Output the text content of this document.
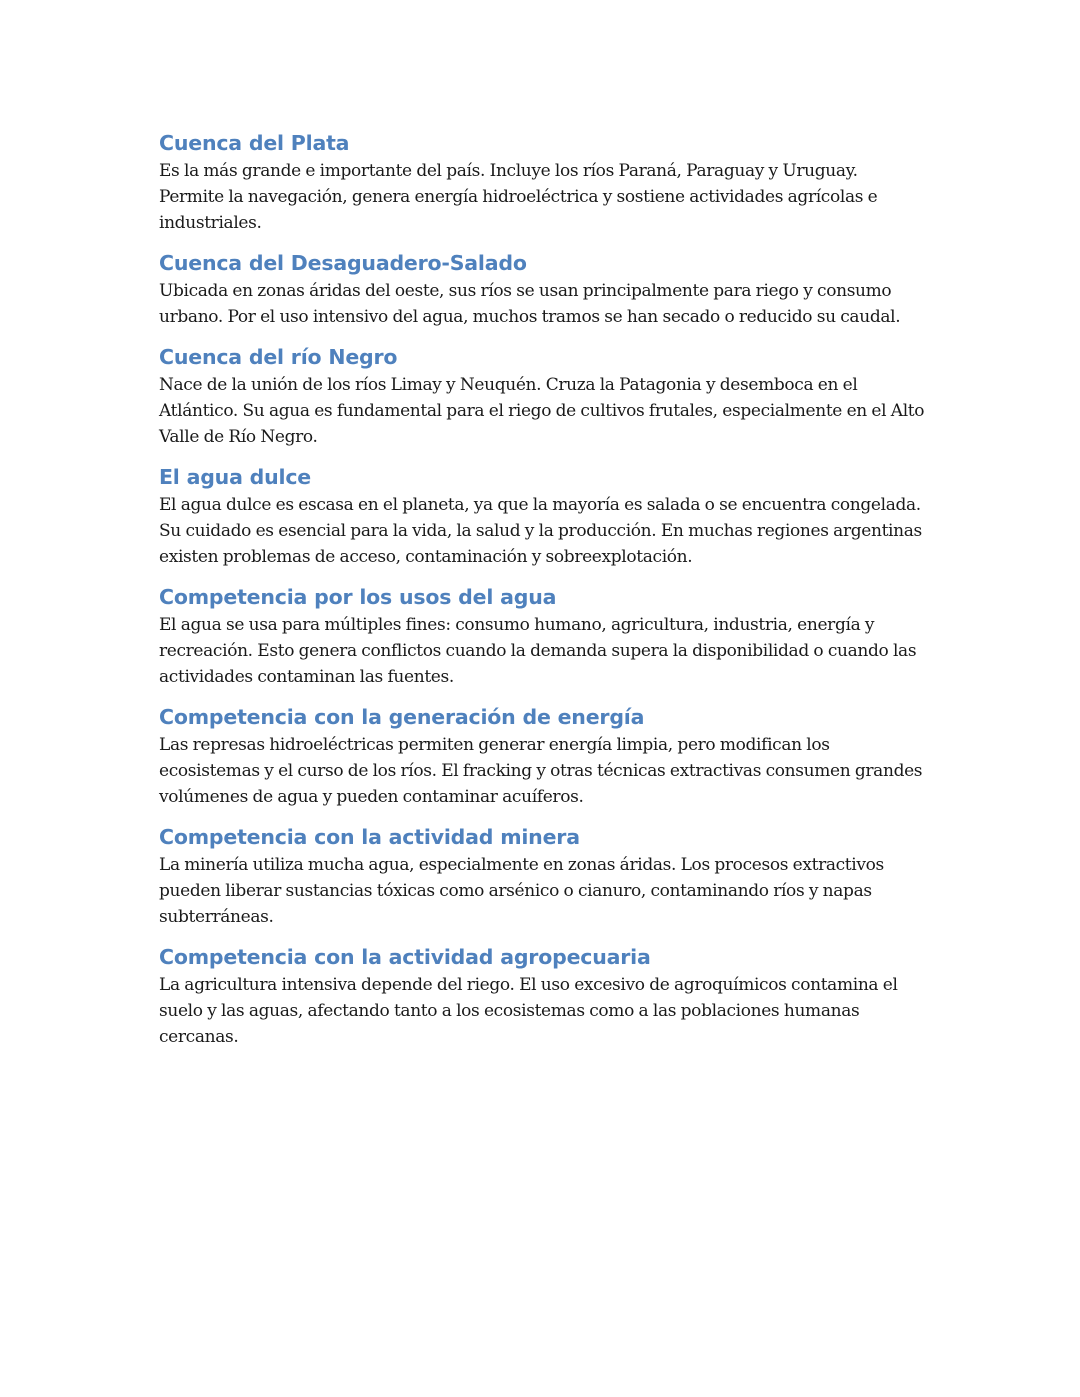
Cuenca del Plata

Es la más grande e importante del país. Incluye los ríos Paraná, Paraguay y Uruguay.
Permite la navegación, genera energía hidroeléctrica y sostiene actividades agrícolas e
industriales.

Cuenca del Desaguadero-Salado

Ubicada en zonas áridas del oeste, sus ríos se usan principalmente para riego y consumo
urbano. Por el uso intensivo del agua, muchos tramos se han secado o reducido su caudal.

Cuenca del río Negro

Nace de la unión de los ríos Limay y Neuquén. Cruza la Patagonia y desemboca en el
Atlántico. Su agua es fundamental para el riego de cultivos frutales, especialmente en el Alto
Valle de Río Negro.

El agua dulce

El agua dulce es escasa en el planeta, ya que la mayoría es salada o se encuentra congelada.
Su cuidado es esencial para la vida, la salud y la producción. En muchas regiones argentinas
existen problemas de acceso, contaminación y sobreexplotación.

Competencia por los usos del agua

El agua se usa para múltiples fines: consumo humano, agricultura, industria, energía y
recreación. Esto genera conflictos cuando la demanda supera la disponibilidad o cuando las
actividades contaminan las fuentes.

Competencia con la generación de energía

Las represas hidroeléctricas permiten generar energía limpia, pero modifican los
ecosistemas y el curso de los ríos. El fracking y otras técnicas extractivas consumen grandes
volúmenes de agua y pueden contaminar acuíferos.

Competencia con la actividad minera

La minería utiliza mucha agua, especialmente en zonas áridas. Los procesos extractivos
pueden liberar sustancias tóxicas como arsénico o cianuro, contaminando ríos y napas
subterráneas.

Competencia con la actividad agropecuaria

La agricultura intensiva depende del riego. El uso excesivo de agroquímicos contamina el
suelo y las aguas, afectando tanto a los ecosistemas como a las poblaciones humanas
cercanas.
